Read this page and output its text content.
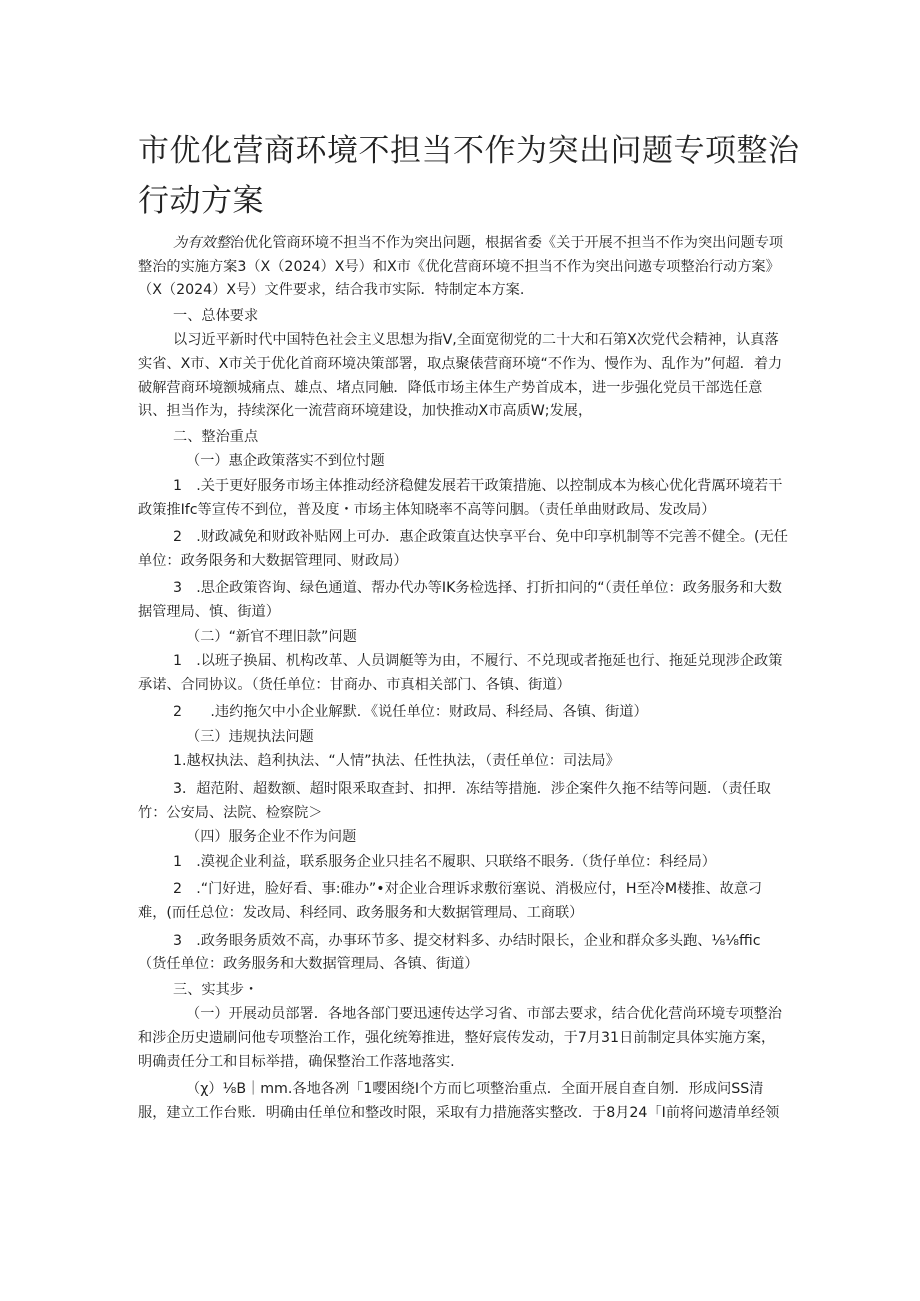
市优化营商环境不担当不作为突出问题专项整治行动方案

为有效整治优化管商环境不担当不作为突出问题，根据省委《关于开展不担当不作为突出问题专项整治的实施方案3（X（2024）X号）和X市《优化营商环境不担当不作为突出问遨专项整治行动方案》（X（2024）X号）文件要求，结合我市实际．特制定本方案.

一、总体要求

以习近平新时代中国特色社会主义思想为指V,全面宽彻党的二十大和石第X次党代会精神，认真落实省、X市、X市关于优化首商环境决策部署，取点聚俵营商环境“不作为、慢作为、乱作为”何超．着力破解营商环境额城痛点、雄点、堵点同触．降低市场主体生产势首成本，进一步强化党员干部选任意识、担当作为，持续深化一流营商环境建设，加快推动X市高质W;发展，

二、整治重点

（一）惠企政策落实不到位忖题

1　.关于更好服务市场主体推动经济稳健发展若干政策措施、以控制成本为核心优化背厲环境若干政策推Ifc等宣传不到位，普及度・市场主体知晓率不高等问胭。（责任单曲财政局、发改局）

2　.财政减免和财政补贴网上可办．惠企政策直达快享平台、免中印享机制等不完善不健全。(无任单位：政务限务和大数据管理同、财政局）

3　.思企政策咨询、绿色通道、帮办代办等IK务检选择、打折扣问的“（责任单位：政务服务和大数据管理局、慎、街道）

（二）“新官不理旧款”问题

1　.以班子换届、机构改革、人员调艇等为由，不履行、不兑现或者拖延也行、拖延兑现涉企政策承诺、合同协议。（货任单位：甘商办、市真相关部门、各镇、街道）

2　　.违约拖欠中小企业解默．《说任单位：财政局、科经局、各镇、街道）

（三）违规执法问题

1.越权执法、趋利执法、“人情”执法、任性执法，（责任单位：司法局》

3．超范附、超数额、超时限釆取查封、扣押．冻结等措施．涉企案件久拖不结等问题．（责任取竹：公安局、法院、检察院＞

（四）服务企业不作为问题

1　.漠视企业利益，联系服务企业只挂名不履职、只联络不眼务.（货仔单位：科经局）

2　.“门好进，脸好看、事:碓办”•对企业合理诉求敷衍塞说、消极应付，H至冷M楼推、故意刁难，(而任总位：发改局、科经同、政务服务和大数据管理局、工商联）

3　.政务眼务质效不高，办事环节多、提交材料多、办结时限长，企业和群众多头跑、⅛⅛ffic（货任单位：政务服务和大数据管理局、各镇、街道）

三、实其步・

（一）开展动员部署．各地各部门要迅速传达学习省、市部去要求，结合优化营尚环境专项整治和涉企历史遗刷问他专项整治工作，强化统筹推进，整好宸传发动，于7月31日前制定具体实施方案，明确责任分工和目标举措，确保整治工作落地落实.

（χ）⅛B｜mm.各地各冽「1嘤困绕I个方而匕项整治重点．全面开展自查自刎．形成问SS清服，建立工作台账．明确由任单位和整改时限，采取有力措施落实整改．于8月24「I前将问遨清单经领
